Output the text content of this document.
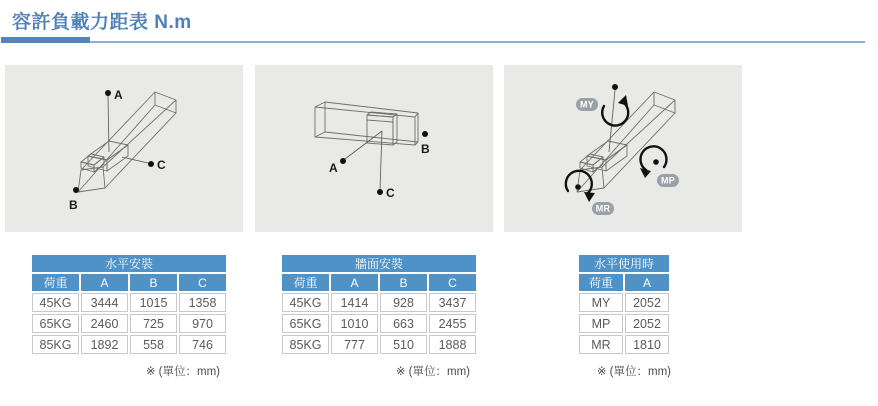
容許負載力距表 N.m
A
B
C	A
B
C
MY
MP
MR
水平安裝			
荷重	A	B	C
45KG	3444	1015	1358
65KG	2460	725	970
85KG	1892	558	746
※ (單位：mm)
牆面安裝			
荷重	A	B	C
45KG	1414	928	3437
65KG	1010	663	2455
85KG	777	510	1888
※ (單位：mm)
水平使用時	
荷重	A
MY	2052
MP	2052
MR	1810
※ (單位：mm)
